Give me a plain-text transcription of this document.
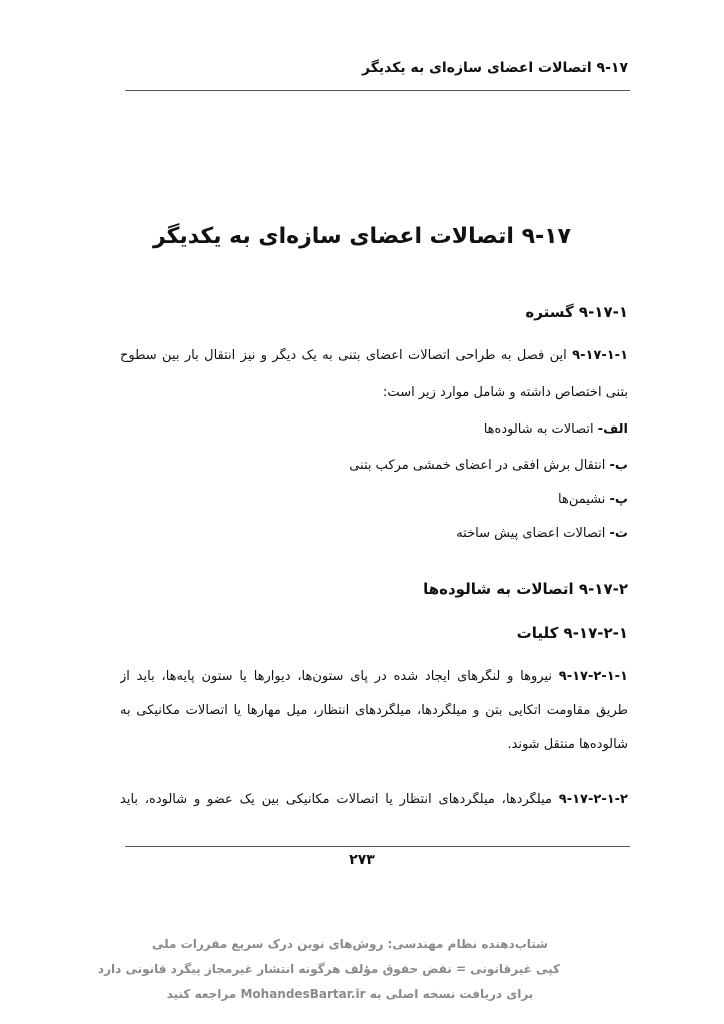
۹-۱۷ اتصالات اعضای سازه‌ای به یکدیگر
۹-۱۷ اتصالات اعضای سازه‌ای به یکدیگر
۹-۱۷-۱ گستره
۹-۱۷-۱-۱ این فصل به طراحی اتصالات اعضای بتنی به یک دیگر و نیز انتقال بار بین سطوح
بتنی اختصاص داشته و شامل موارد زیر است:
الف- اتصالات به شالوده‌ها
ب- انتقال برش افقی در اعضای خمشی مرکب بتنی
پ- نشیمن‌ها
ت- اتصالات اعضای پیش ساخته
۹-۱۷-۲ اتصالات به شالوده‌ها
۹-۱۷-۲-۱ کلیات
۹-۱۷-۲-۱-۱ نیروها و لنگرهای ایجاد شده در پای ستون‌ها، دیوارها یا ستون پایه‌ها، باید از
طریق مقاومت اتکایی بتن و میلگردها، میلگردهای انتظار، میل مهارها یا اتصالات مکانیکی به
شالوده‌ها منتقل شوند.
۹-۱۷-۲-۱-۲ میلگردها، میلگردهای انتظار یا اتصالات مکانیکی بین یک عضو و شالوده، باید
۲۷۳
شتاب‌دهنده نظام مهندسی: روش‌های نوین درک سریع مقررات ملی
کپی غیرقانونی = نقض حقوق مؤلف هرگونه انتشار غیرمجاز پیگرد قانونی دارد
برای دریافت نسخه اصلی به MohandesBartar.ir مراجعه کنید
